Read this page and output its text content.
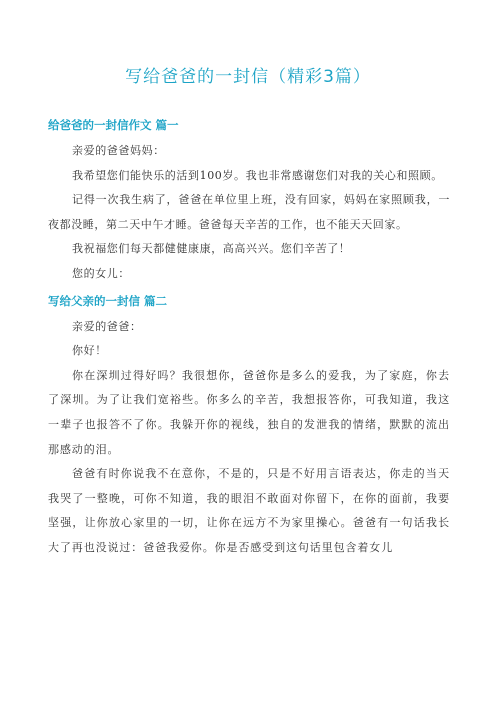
写给爸爸的一封信（精彩3篇）
给爸爸的一封信作文 篇一

亲爱的爸爸妈妈：

我希望您们能快乐的活到100岁。我也非常感谢您们对我的关心和照顾。

记得一次我生病了，爸爸在单位里上班，没有回家，妈妈在家照顾我，一夜都没睡，第二天中午才睡。爸爸每天辛苦的工作，也不能天天回家。

我祝福您们每天都健健康康，高高兴兴。您们辛苦了！

您的女儿：

写给父亲的一封信 篇二

亲爱的爸爸：

你好！

你在深圳过得好吗？我很想你，爸爸你是多么的爱我，为了家庭，你去了深圳。为了让我们宽裕些。你多么的辛苦，我想报答你，可我知道，我这一辈子也报答不了你。我躲开你的视线，独自的发泄我的情绪，默默的流出那感动的泪。

爸爸有时你说我不在意你，不是的，只是不好用言语表达，你走的当天我哭了一整晚，可你不知道，我的眼泪不敢面对你留下，在你的面前，我要坚强，让你放心家里的一切，让你在远方不为家里操心。爸爸有一句话我长大了再也没说过：爸爸我爱你。你是否感受到这句话里包含着女儿
